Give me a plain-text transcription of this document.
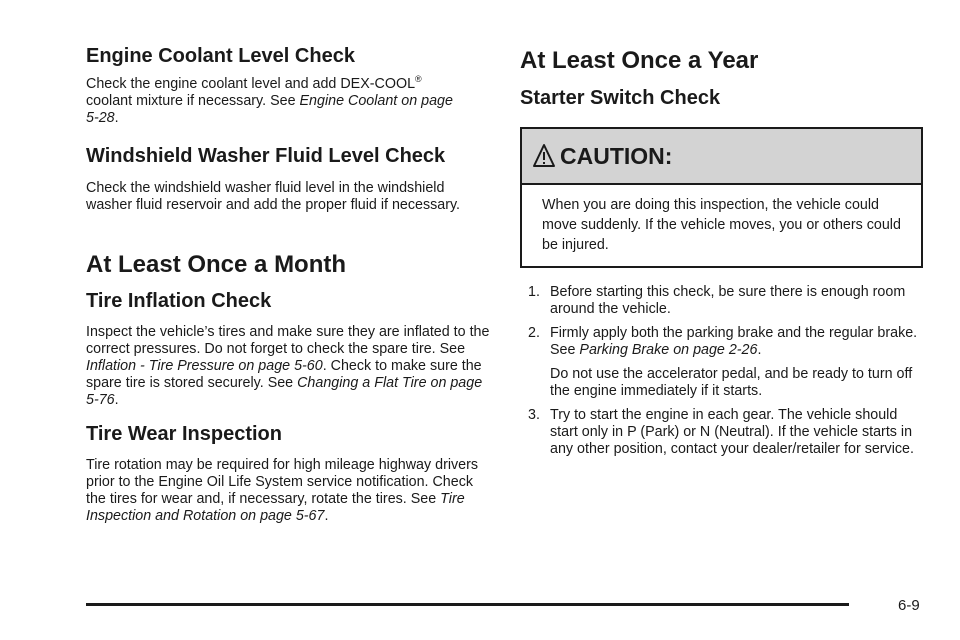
Engine Coolant Level Check

Check the engine coolant level and add DEX-COOL® coolant mixture if necessary. See Engine Coolant on page 5-28.

Windshield Washer Fluid Level Check

Check the windshield washer fluid level in the windshield washer fluid reservoir and add the proper fluid if necessary.

At Least Once a Month
Tire Inflation Check

Inspect the vehicle’s tires and make sure they are inflated to the correct pressures. Do not forget to check the spare tire. See Inflation - Tire Pressure on page 5-60. Check to make sure the spare tire is stored securely. See Changing a Flat Tire on page 5-76.

Tire Wear Inspection

Tire rotation may be required for high mileage highway drivers prior to the Engine Oil Life System service notification. Check the tires for wear and, if necessary, rotate the tires. See Tire Inspection and Rotation on page 5-67.

At Least Once a Year
Starter Switch Check
CAUTION:
When you are doing this inspection, the vehicle could move suddenly. If the vehicle moves, you or others could be injured.
1. Before starting this check, be sure there is enough room around the vehicle.
2. Firmly apply both the parking brake and the regular brake. See Parking Brake on page 2-26.
Do not use the accelerator pedal, and be ready to turn off the engine immediately if it starts.
3. Try to start the engine in each gear. The vehicle should start only in P (Park) or N (Neutral). If the vehicle starts in any other position, contact your dealer/retailer for service.
6-9
